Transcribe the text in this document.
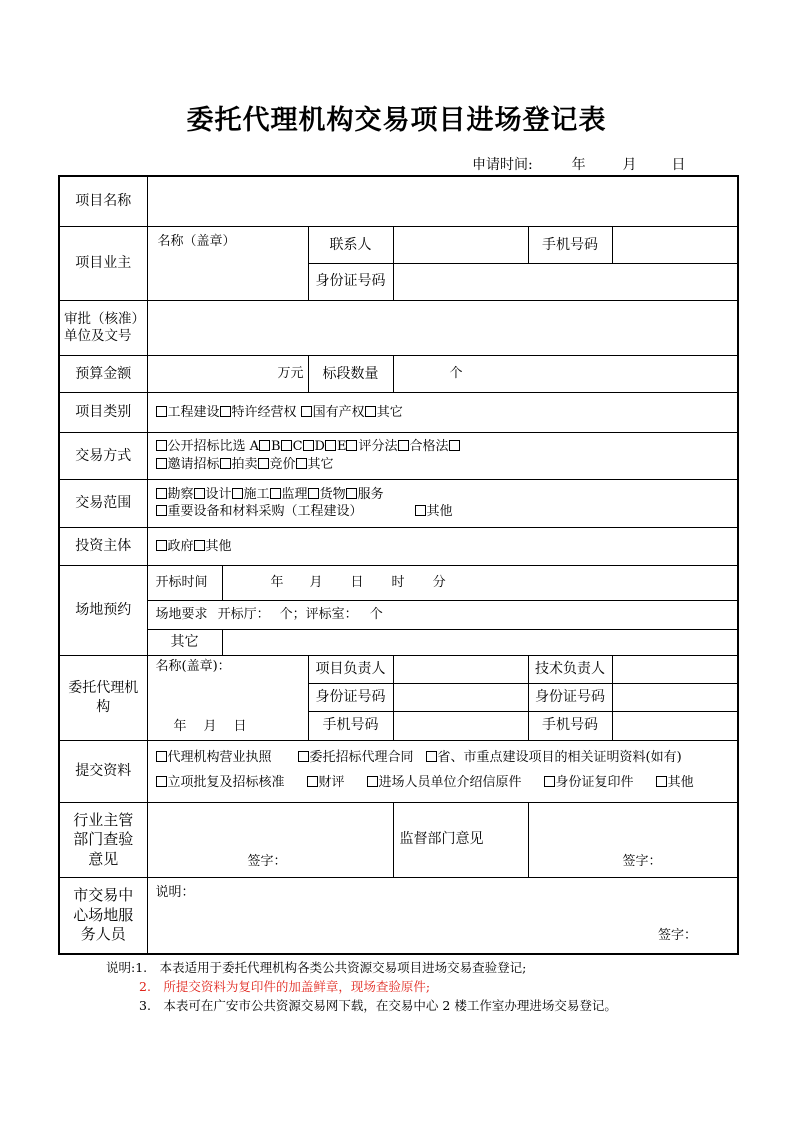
委托代理机构交易项目进场登记表
申请时间:	年	月 日
项目名称						
项目业主	名称（盖章）		联系人		手机号码	
			身份证号码			
审批（核准）单位及文号						
预算金额	万元		标段数量	个		
项目类别	工程建设 特许经营权 国有产权 其它					
交易方式	公开招标比选 A B C D E 评分法 合格法
邀请招标 拍卖 竞价 其它					

交易范围	勘察 设计 施工 监理 货物 服务
重要设备和材料采购（工程建设） 其他					

投资主体	政府 其他					
场地预约	开标时间	年 月 日 时 分				
	场地要求 开标厅： 个；评标室： 个					
	其它					
委托代理机构	名称(盖章)：
年　月　日		项目负责人		技术负责人	
			身份证号码		身份证号码	
			手机号码		手机号码	
提交资料	代理机构营业执照 委托招标代理合同 省、市重点建设项目的相关证明资料(如有)
立项批复及招标核准 财评 进场人员单位介绍信原件 身份证复印件 其他					

行业主管部门查验意见	签字：			监督部门意见	签字：	
市交易中心场地服务人员	说明：
签字：					
说明:1.　本表适用于委托代理机构各类公共资源交易项目进场交易查验登记;
2.　所提交资料为复印件的加盖鲜章，现场查验原件;
3.　本表可在广安市公共资源交易网下载，在交易中心 2 楼工作室办理进场交易登记。
